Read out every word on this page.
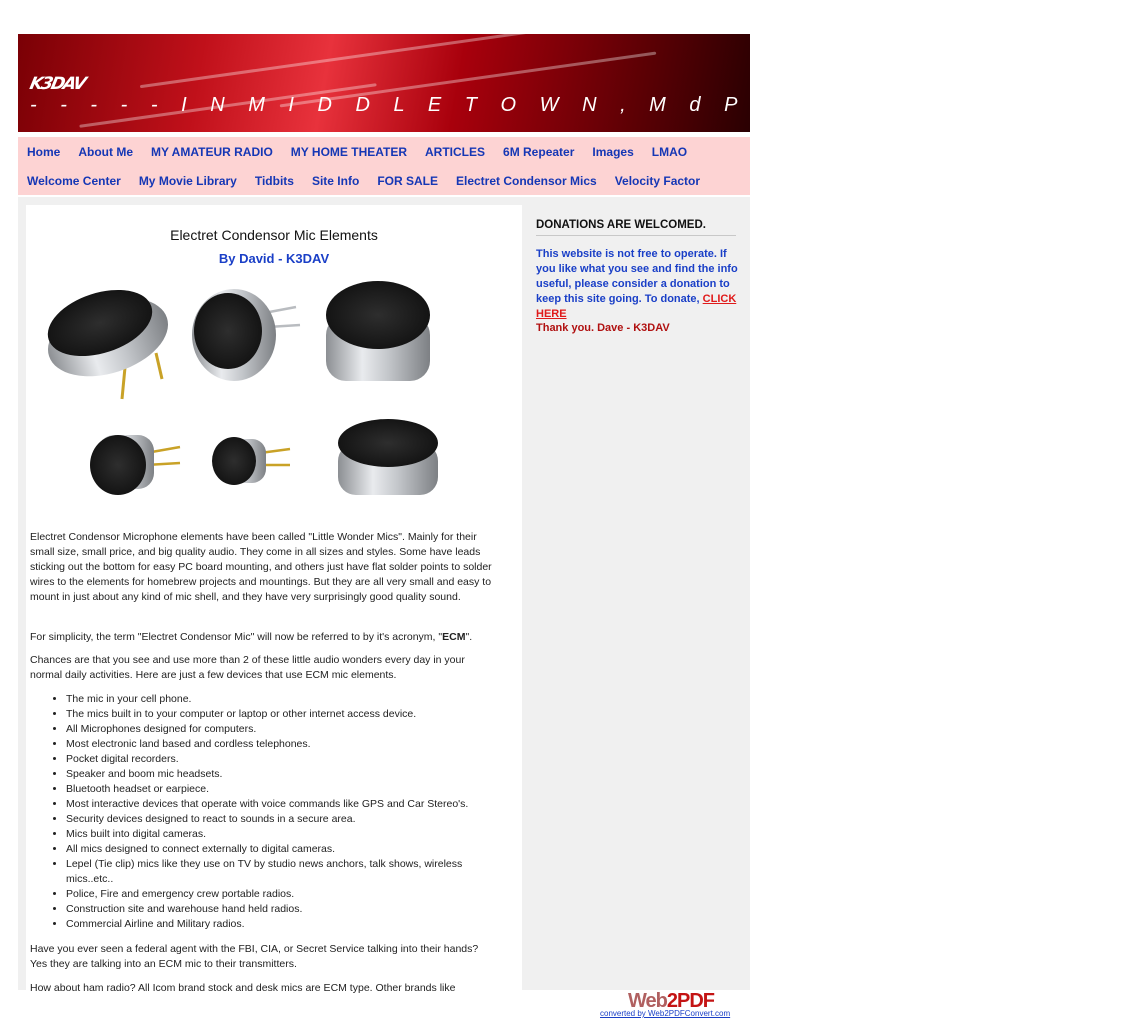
K3DAV
- - - - - I N M I D D L E T O W N , M d P E N N - N 1 S 0 Y - L
Home	About Me	MY AMATEUR RADIO	MY HOME THEATER	ARTICLES	6M Repeater	Images	LMAO
Welcome Center	My Movie Library	Tidbits	Site Info	FOR SALE	Electret Condensor Mics	Velocity Factor
Electret Condensor Mic Elements
By David - K3DAV

Electret Condensor Microphone elements have been called "Little Wonder Mics". Mainly for their small size, small price, and big quality audio. They come in all sizes and styles. Some have leads sticking out the bottom for easy PC board mounting, and others just have flat solder points to solder wires to the elements for homebrew projects and mountings. But they are all very small and easy to mount in just about any kind of mic shell, and they have very surprisingly good quality sound.

For simplicity, the term "Electret Condensor Mic" will now be referred to by it's acronym, "ECM".

Chances are that you see and use more than 2 of these little audio wonders every day in your normal daily activities. Here are just a few devices that use ECM mic elements.

• The mic in your cell phone.
• The mics built in to your computer or laptop or other internet access device.
• All Microphones designed for computers.
• Most electronic land based and cordless telephones.
• Pocket digital recorders.
• Speaker and boom mic headsets.
• Bluetooth headset or earpiece.
• Most interactive devices that operate with voice commands like GPS and Car Stereo's.
• Security devices designed to react to sounds in a secure area.
• Mics built into digital cameras.
• All mics designed to connect externally to digital cameras.
• Lepel (Tie clip) mics like they use on TV by studio news anchors, talk shows, wireless mics..etc..
• Police, Fire and emergency crew portable radios.
• Construction site and warehouse hand held radios.
• Commercial Airline and Military radios.

Have you ever seen a federal agent with the FBI, CIA, or Secret Service talking into their hands? Yes they are talking into an ECM mic to their transmitters.

How about ham radio? All Icom brand stock and desk mics are ECM type. Other brands like

DONATIONS ARE WELCOMED.
This website is not free to operate. If you like what you see and find the info useful, please consider a donation to keep this site going. To donate, CLICK HERE
Thank you. Dave - K3DAV
Web2PDF
converted by Web2PDFConvert.com
